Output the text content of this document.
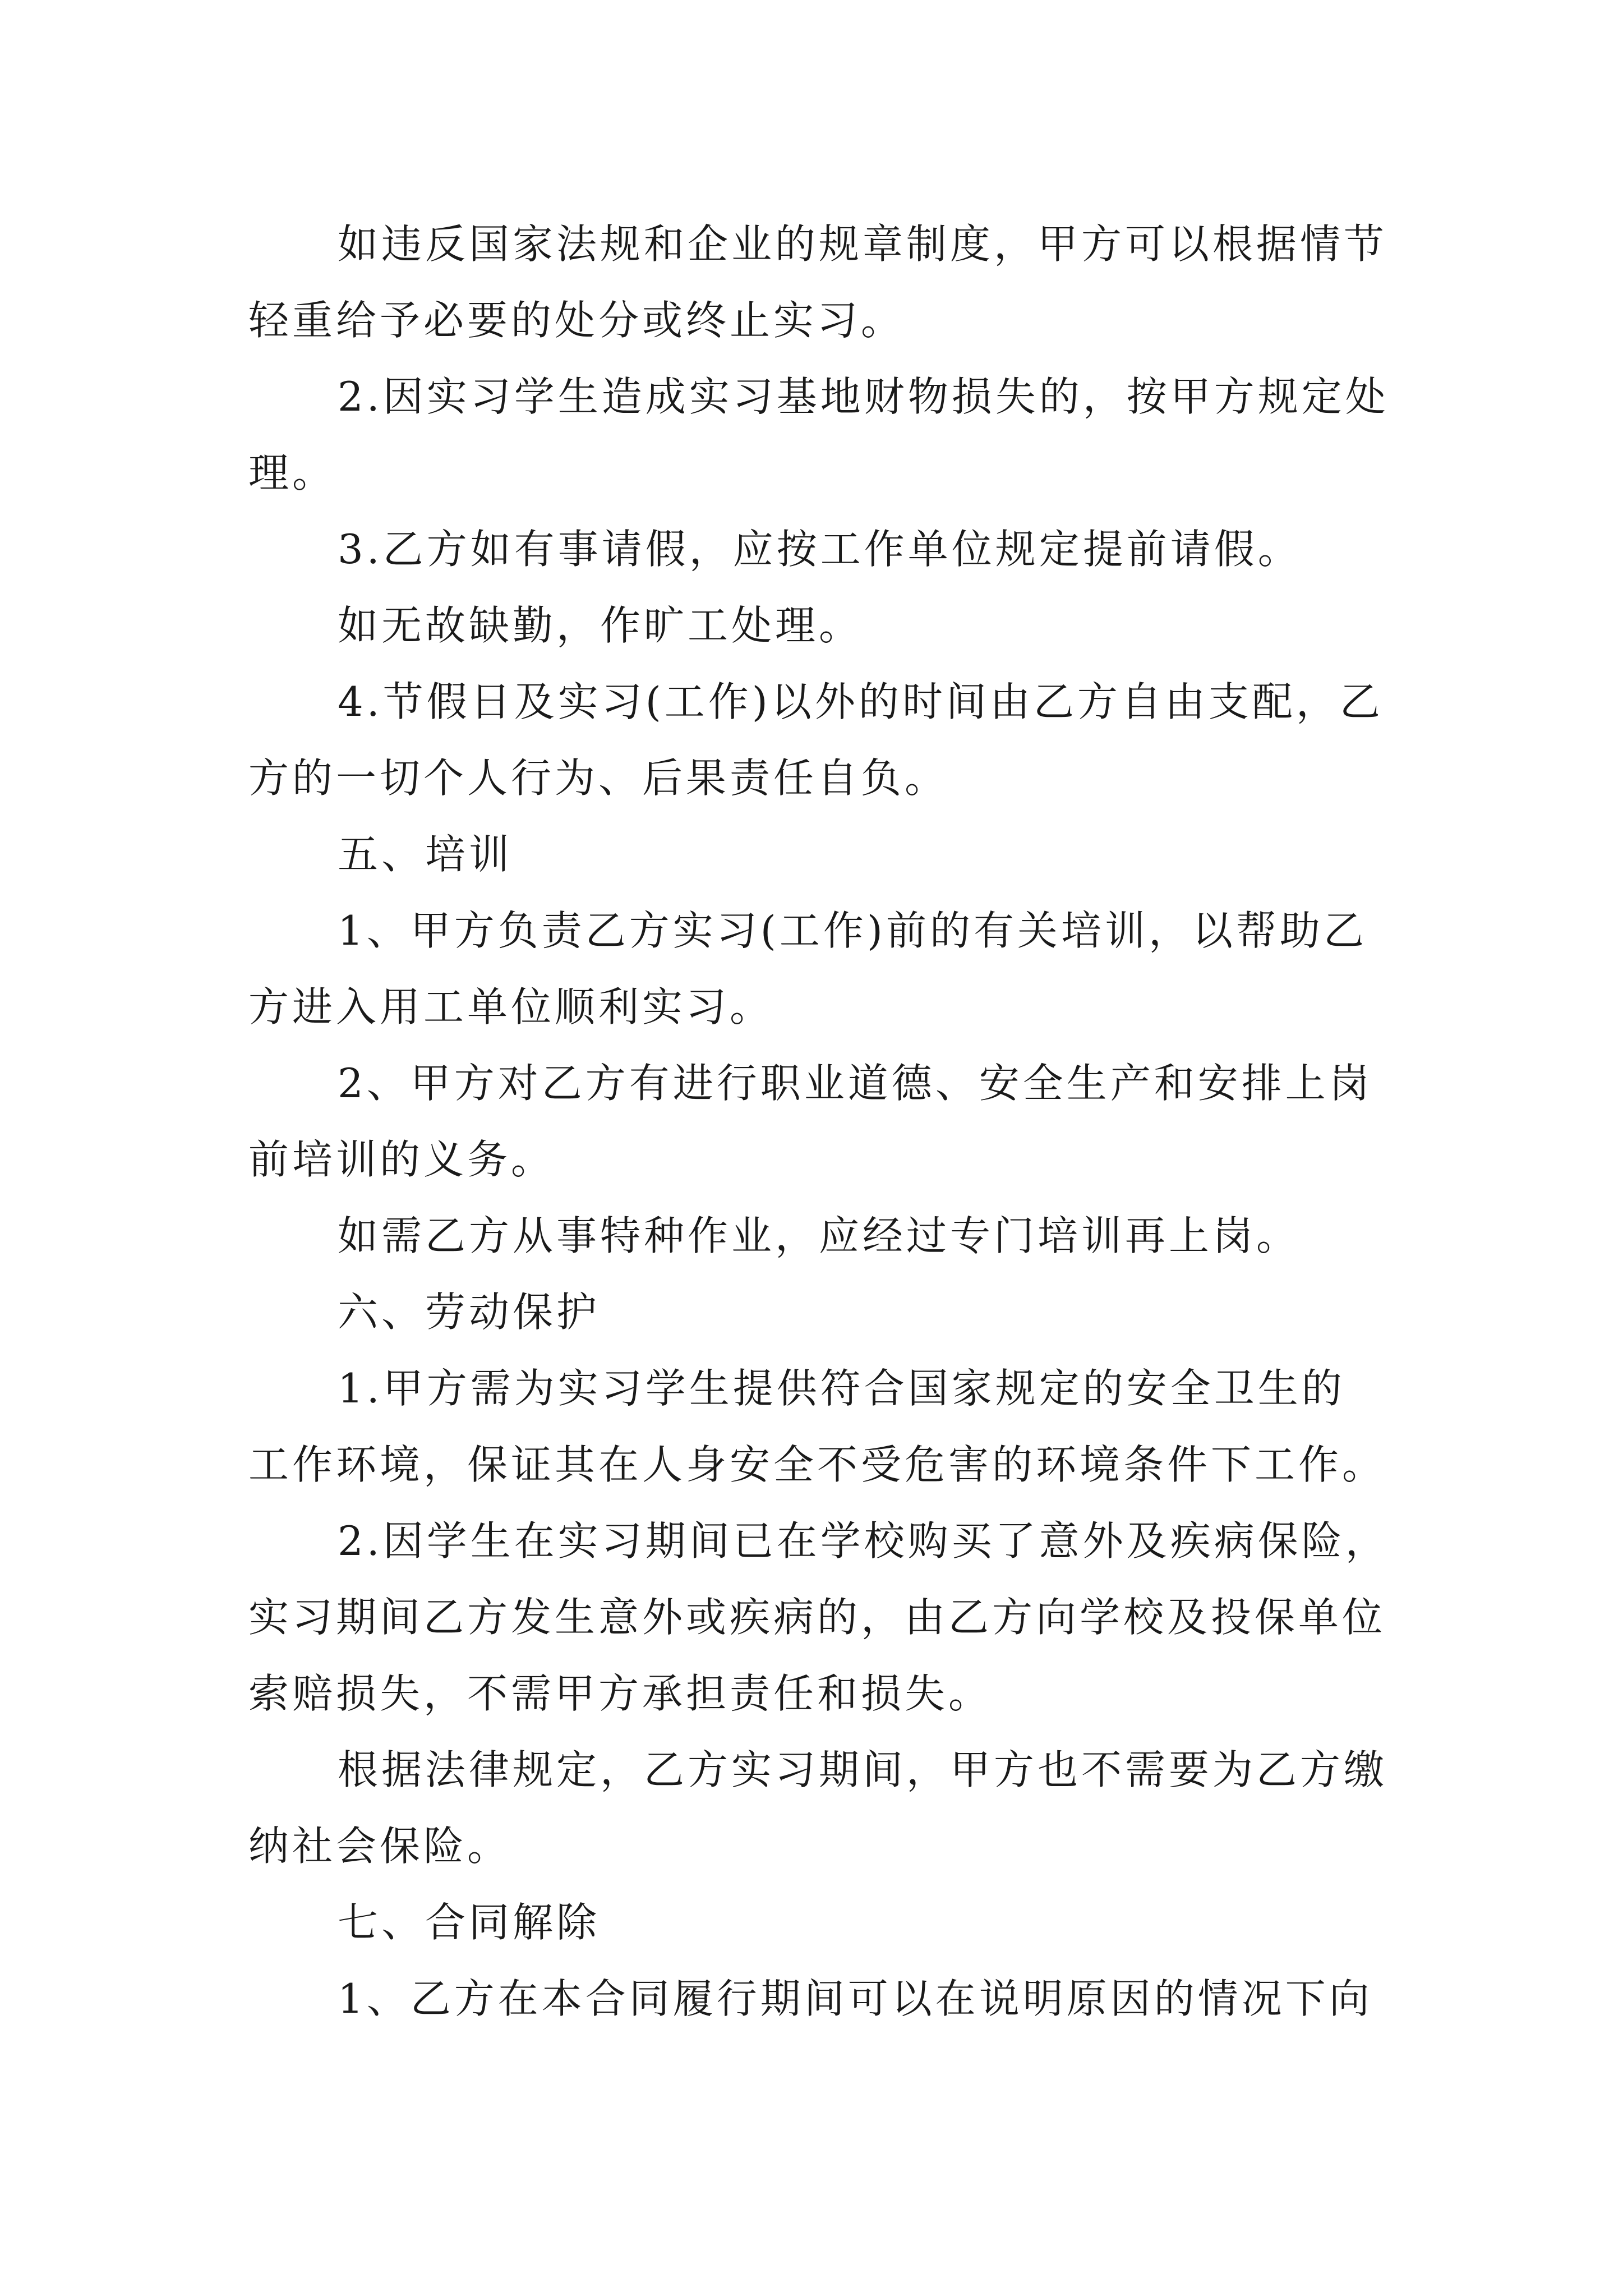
如违反国家法规和企业的规章制度，甲方可以根据情节

轻重给予必要的处分或终止实习。

2.因实习学生造成实习基地财物损失的，按甲方规定处

理。

3.乙方如有事请假，应按工作单位规定提前请假。

如无故缺勤，作旷工处理。

4.节假日及实习(工作)以外的时间由乙方自由支配，乙

方的一切个人行为、后果责任自负。

五、培训

1、甲方负责乙方实习(工作)前的有关培训，以帮助乙

方进入用工单位顺利实习。

2、甲方对乙方有进行职业道德、安全生产和安排上岗

前培训的义务。

如需乙方从事特种作业，应经过专门培训再上岗。

六、劳动保护

1.甲方需为实习学生提供符合国家规定的安全卫生的

工作环境，保证其在人身安全不受危害的环境条件下工作。

2.因学生在实习期间已在学校购买了意外及疾病保险，

实习期间乙方发生意外或疾病的，由乙方向学校及投保单位

索赔损失，不需甲方承担责任和损失。

根据法律规定，乙方实习期间，甲方也不需要为乙方缴

纳社会保险。

七、合同解除

1、乙方在本合同履行期间可以在说明原因的情况下向
